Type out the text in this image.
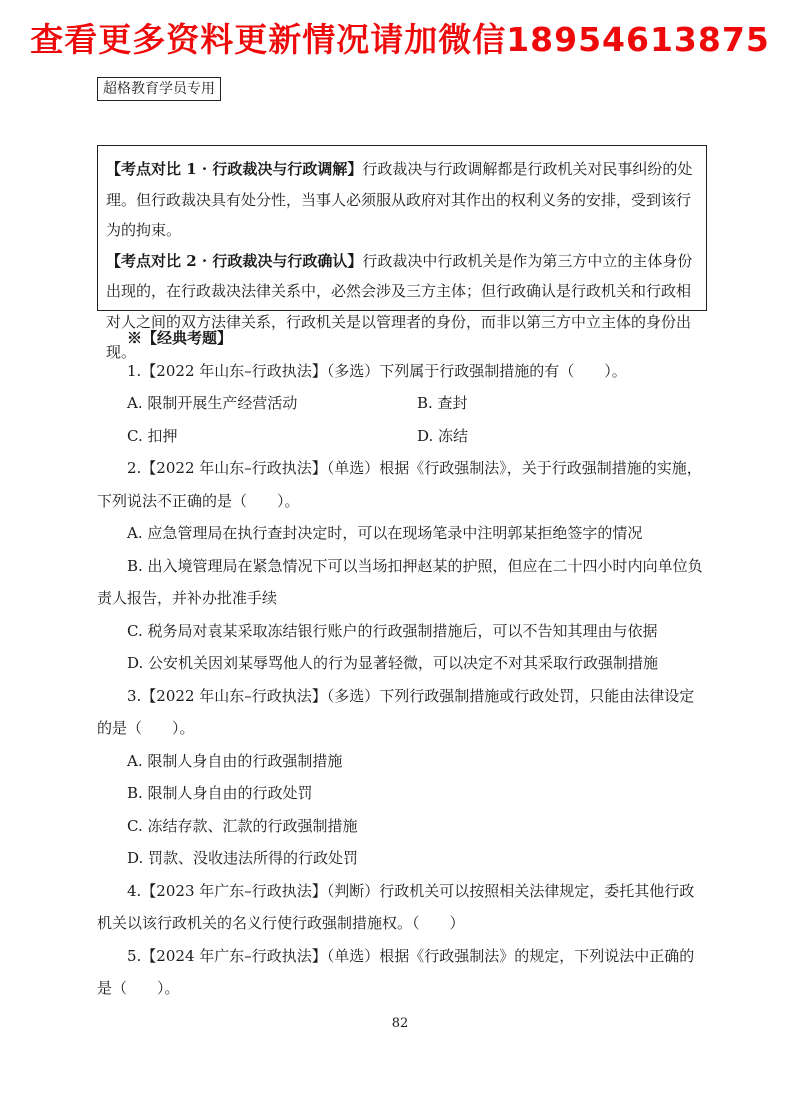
查看更多资料更新情况请加微信18954613875
超格教育学员专用

【考点对比 1 · 行政裁决与行政调解】行政裁决与行政调解都是行政机关对民事纠纷的处理。但行政裁决具有处分性，当事人必须服从政府对其作出的权利义务的安排，受到该行为的拘束。

【考点对比 2 · 行政裁决与行政确认】行政裁决中行政机关是作为第三方中立的主体身份出现的，在行政裁决法律关系中，必然会涉及三方主体；但行政确认是行政机关和行政相对人之间的双方法律关系，行政机关是以管理者的身份，而非以第三方中立主体的身份出现。

※【经典考题】

1.【2022 年山东–行政执法】（多选）下列属于行政强制措施的有（　　）。

A. 限制开展生产经营活动	B. 查封
C. 扣押	D. 冻结

2.【2022 年山东–行政执法】（单选）根据《行政强制法》，关于行政强制措施的实施，下列说法不正确的是（　　）。

A. 应急管理局在执行查封决定时，可以在现场笔录中注明郭某拒绝签字的情况

B. 出入境管理局在紧急情况下可以当场扣押赵某的护照，但应在二十四小时内向单位负责人报告，并补办批准手续

C. 税务局对袁某采取冻结银行账户的行政强制措施后，可以不告知其理由与依据

D. 公安机关因刘某辱骂他人的行为显著轻微，可以决定不对其采取行政强制措施

3.【2022 年山东–行政执法】（多选）下列行政强制措施或行政处罚，只能由法律设定的是（　　）。

A. 限制人身自由的行政强制措施

B. 限制人身自由的行政处罚

C. 冻结存款、汇款的行政强制措施

D. 罚款、没收违法所得的行政处罚

4.【2023 年广东–行政执法】（判断）行政机关可以按照相关法律规定，委托其他行政机关以该行政机关的名义行使行政强制措施权。（　　）

5.【2024 年广东–行政执法】（单选）根据《行政强制法》的规定，下列说法中正确的是（　　）。

82
